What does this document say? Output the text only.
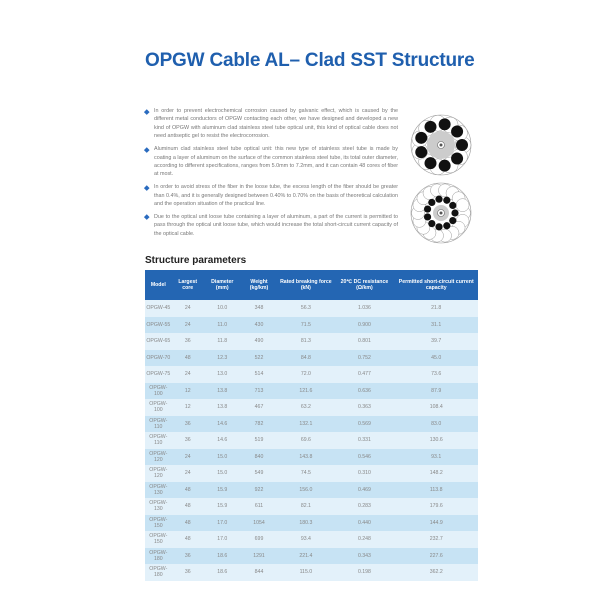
OPGW Cable AL– Clad SST Structure
In order to prevent electrochemical corrosion caused by galvanic effect, which is caused by the different metal conductors of OPGW contacting each other, we have designed and developed a new kind of OPGW with aluminum clad stainless steel tube optical unit, this kind of optical cable does not need antiseptic gel to resist the electrocorrosion.
Aluminum clad stainless steel tube optical unit: this new type of stainless steel tube is made by coating a layer of aluminum on the surface of the common stainless steel tube, its total outer diameter, according to different specifications, ranges from 5.0mm to 7.2mm, and it can contain 48 cores of fiber at most.
In order to avoid stress of the fiber in the loose tube, the excess length of the fiber should be greater than 0.4%, and it is generally designed between 0.40% to 0.70% on the basis of theoretical calculation and the operation situation of the practical line.
Due to the optical unit loose tube containing a layer of aluminum, a part of the current is permitted to pass through the optical unit loose tube, which would increase the total short-circuit current capacity of the optical cable.
Structure parameters
Model	Largest core	Diameter (mm)	Weight (kg/km)	Rated breaking force (kN)	20℃ DC resistance (Ω/km)	Permitted short-circuit current capacity
OPGW-45	24	10.0	348	56.3	1.036	21.8
OPGW-55	24	11.0	430	71.5	0.900	31.1
OPGW-65	36	11.8	490	81.3	0.801	39.7
OPGW-70	48	12.3	522	84.8	0.752	45.0
OPGW-75	24	13.0	514	72.0	0.477	73.6
OPGW-100	12	13.8	713	121.6	0.636	87.9
OPGW-100	12	13.8	467	63.2	0.363	108.4
OPGW-110	36	14.6	782	132.1	0.569	83.0
OPGW-110	36	14.6	519	69.6	0.331	130.6
OPGW-120	24	15.0	840	143.8	0.546	93.1
OPGW-120	24	15.0	549	74.5	0.310	148.2
OPGW-130	48	15.9	922	156.0	0.469	113.8
OPGW-130	48	15.9	611	82.1	0.283	179.6
OPGW-150	48	17.0	1054	180.3	0.440	144.9
OPGW-150	48	17.0	699	93.4	0.248	232.7
OPGW-180	36	18.6	1291	221.4	0.343	227.6
OPGW-180	36	18.6	844	115.0	0.198	362.2
